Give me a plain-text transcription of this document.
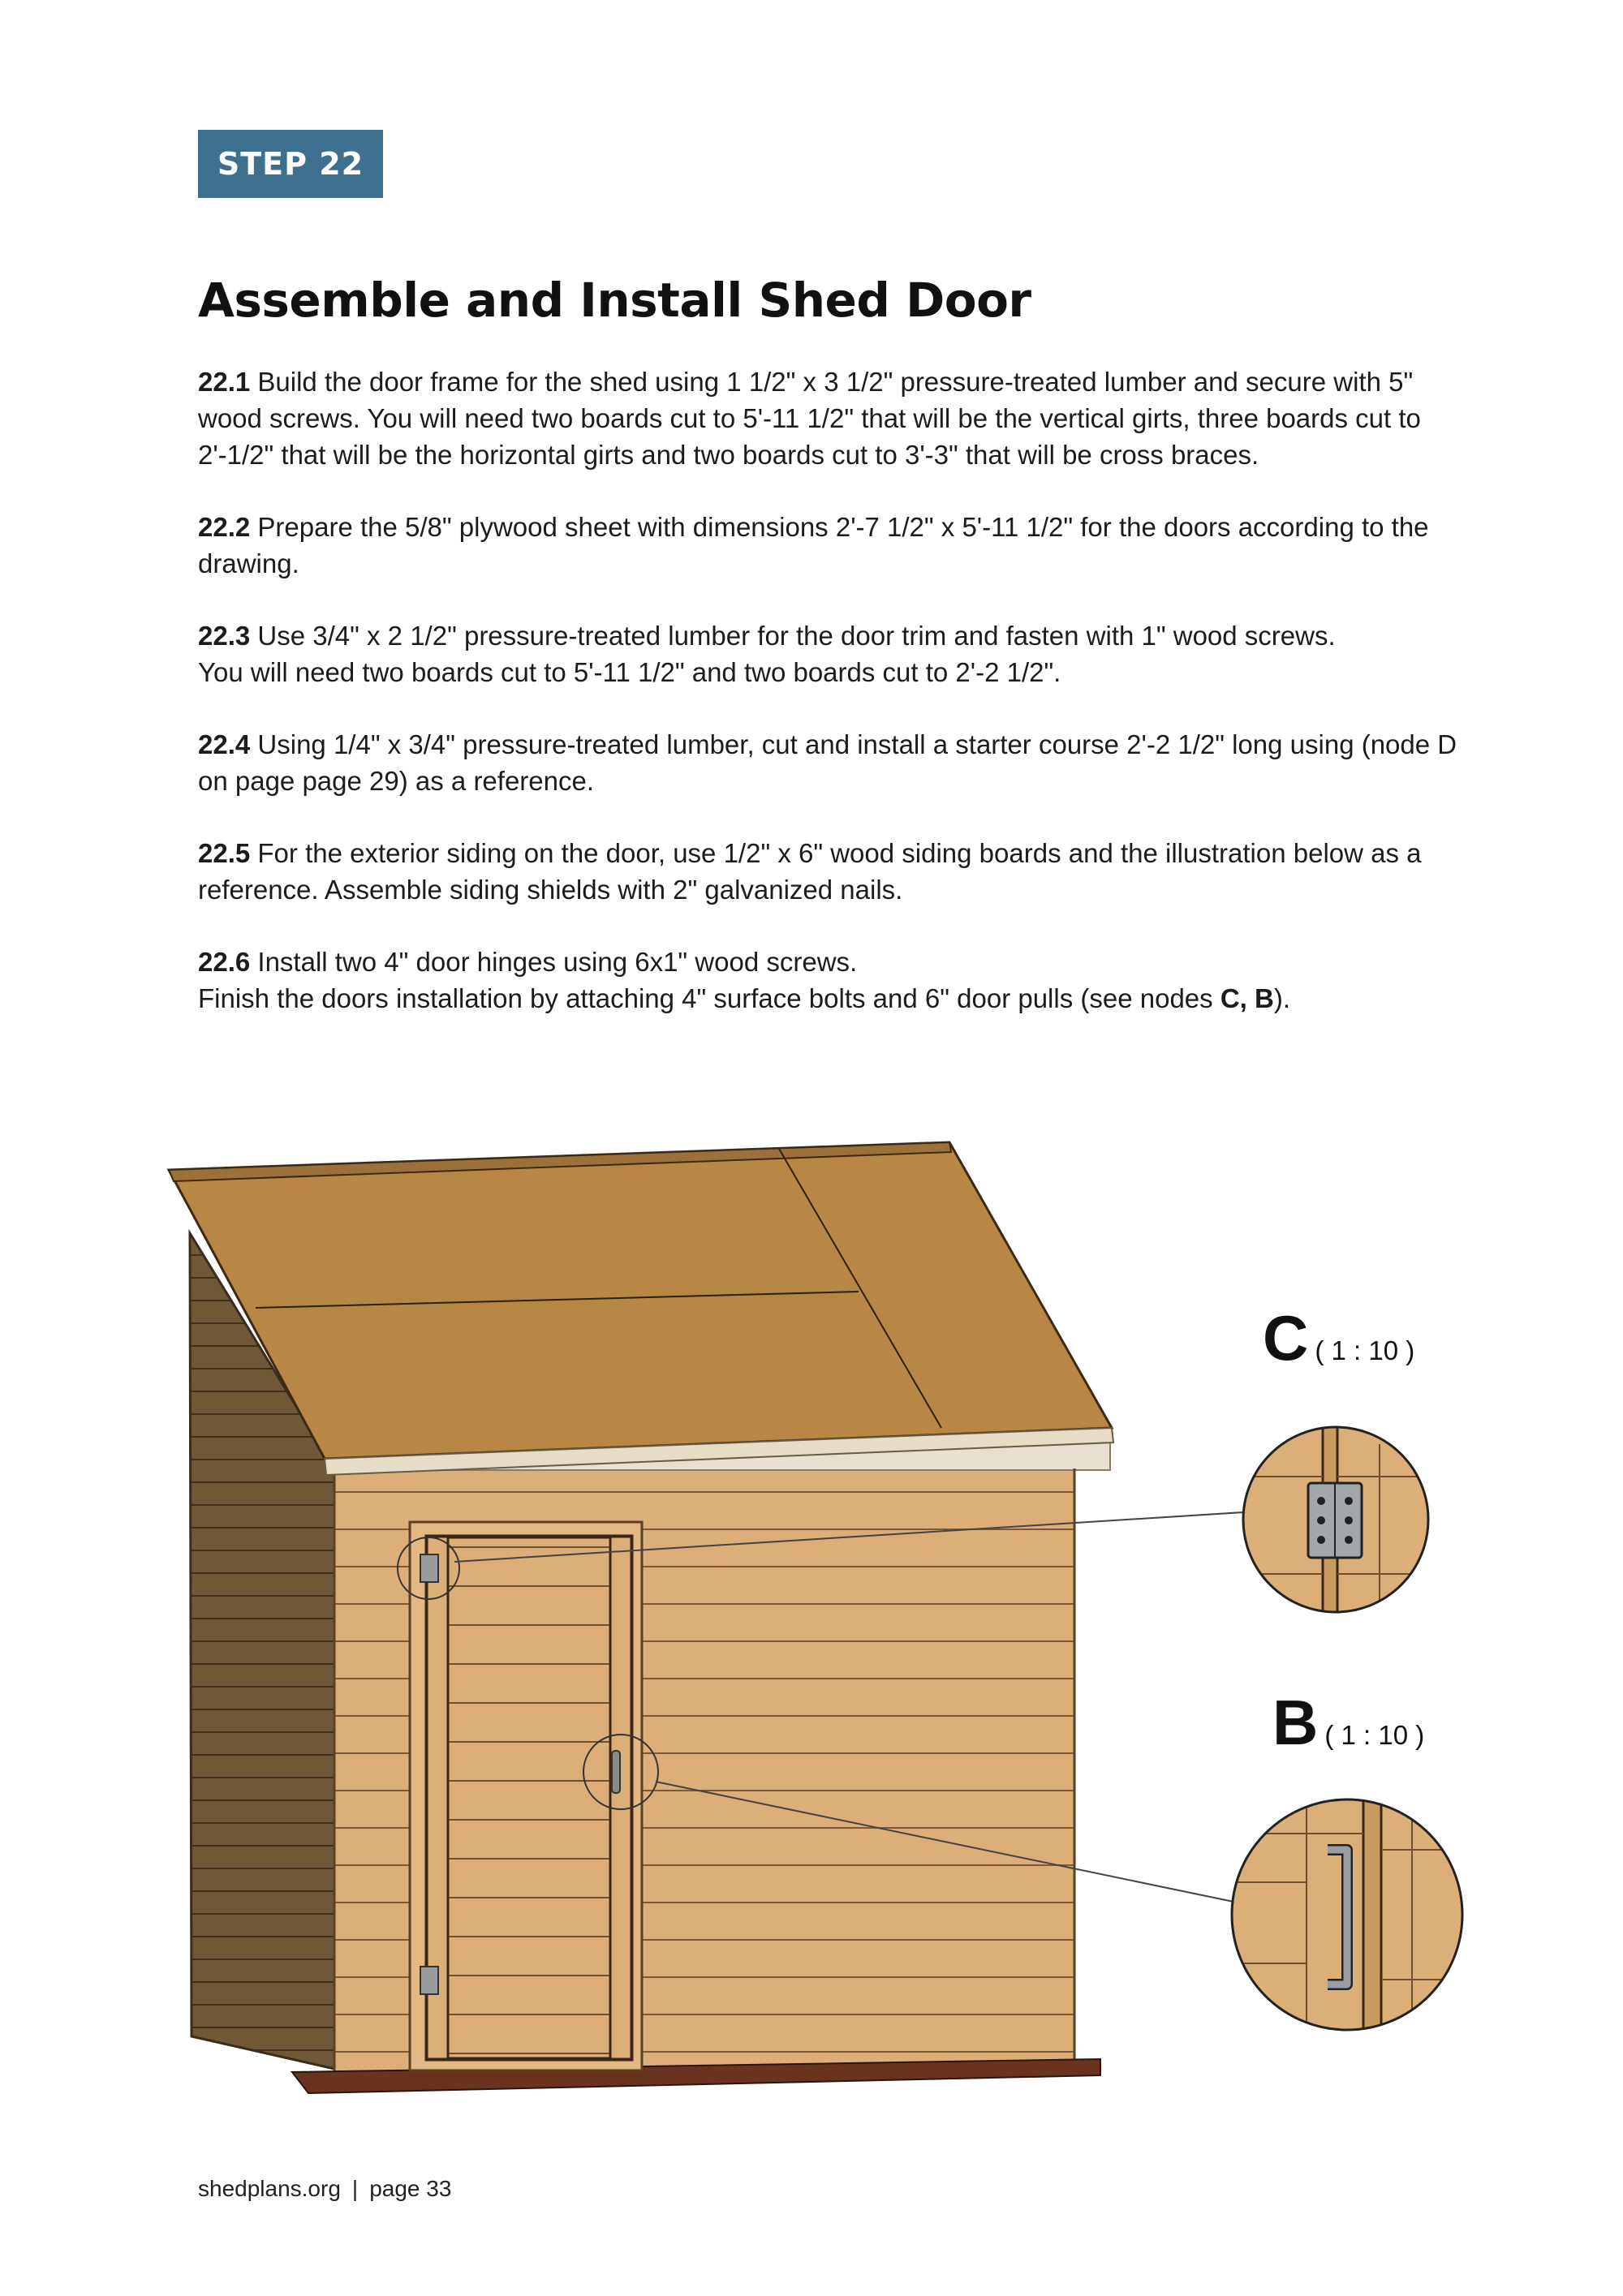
STEP 22
Assemble and Install Shed Door

22.1 Build the door frame for the shed using 1 1/2" x 3 1/2" pressure-treated lumber and secure with 5" wood screws. You will need two boards cut to 5'-11 1/2" that will be the vertical girts, three boards cut to 2'-1/2" that will be the horizontal girts and two boards cut to 3'-3" that will be cross braces.

22.2 Prepare the 5/8" plywood sheet with dimensions 2'-7 1/2" x 5'-11 1/2" for the doors according to the drawing.

22.3 Use 3/4" x 2 1/2" pressure-treated lumber for the door trim and fasten with 1" wood screws.
You will need two boards cut to 5'-11 1/2" and two boards cut to 2'-2 1/2".

22.4 Using 1/4" x 3/4" pressure-treated lumber, cut and install a starter course 2'-2 1/2" long using (node D on page page 29) as a reference.

22.5 For the exterior siding on the door, use 1/2" x 6" wood siding boards and the illustration below as a reference. Assemble siding shields with 2" galvanized nails.

22.6 Install two 4" door hinges using 6x1" wood screws.
Finish the doors installation by attaching 4" surface bolts and 6" door pulls (see nodes C, B).

C ( 1 : 10 )
B ( 1 : 10 )
shedplans.org | page 33
